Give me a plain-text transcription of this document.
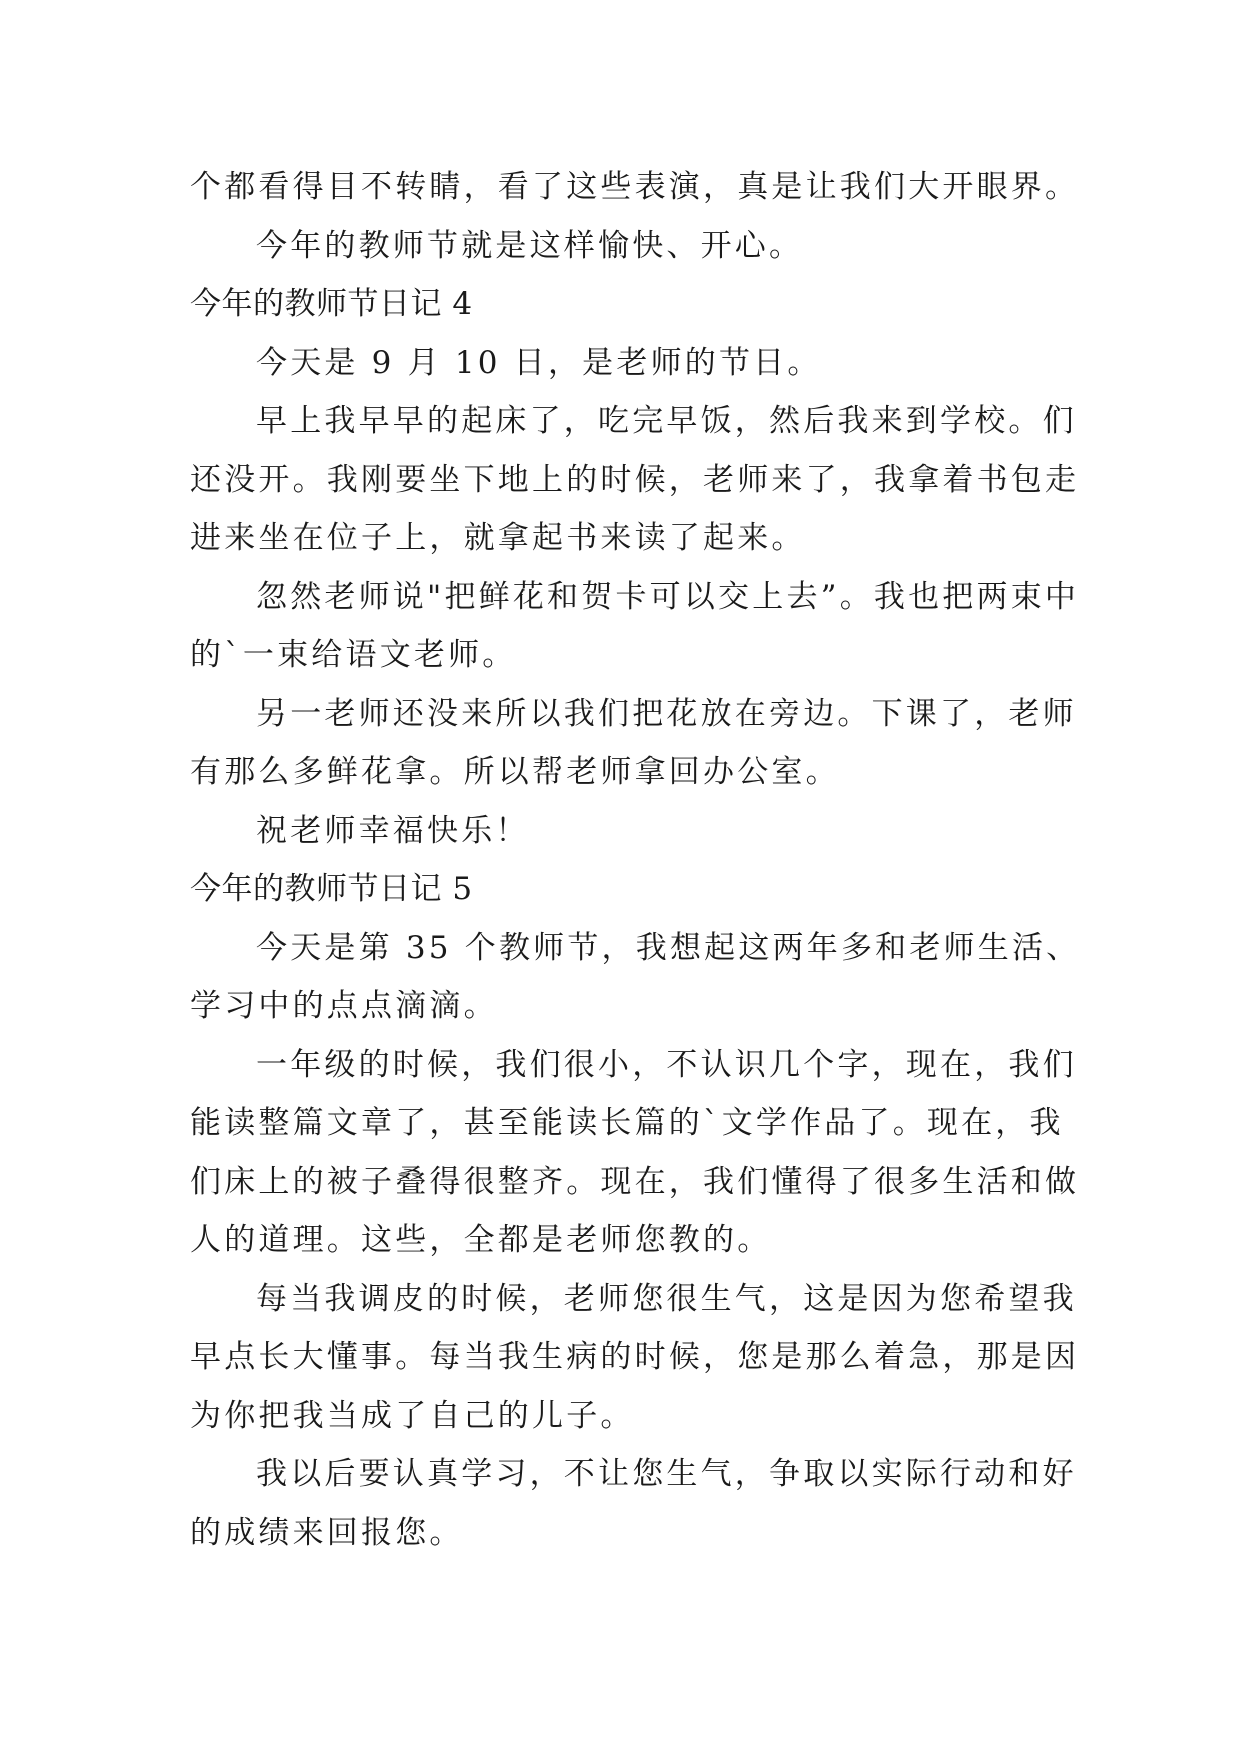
个都看得目不转睛，看了这些表演，真是让我们大开眼界。
今年的教师节就是这样愉快、开心。
今年的教师节日记 4
今天是 9 月 10 日，是老师的节日。
早上我早早的起床了，吃完早饭，然后我来到学校。们
还没开。我刚要坐下地上的时候，老师来了，我拿着书包走
进来坐在位子上，就拿起书来读了起来。
忽然老师说"把鲜花和贺卡可以交上去”。我也把两束中
的`一束给语文老师。
另一老师还没来所以我们把花放在旁边。下课了，老师
有那么多鲜花拿。所以帮老师拿回办公室。
祝老师幸福快乐！
今年的教师节日记 5
今天是第 35 个教师节，我想起这两年多和老师生活、
学习中的点点滴滴。
一年级的时候，我们很小，不认识几个字，现在，我们
能读整篇文章了，甚至能读长篇的`文学作品了。现在，我
们床上的被子叠得很整齐。现在，我们懂得了很多生活和做
人的道理。这些，全都是老师您教的。
每当我调皮的时候，老师您很生气，这是因为您希望我
早点长大懂事。每当我生病的时候，您是那么着急，那是因
为你把我当成了自己的儿子。
我以后要认真学习，不让您生气，争取以实际行动和好
的成绩来回报您。
